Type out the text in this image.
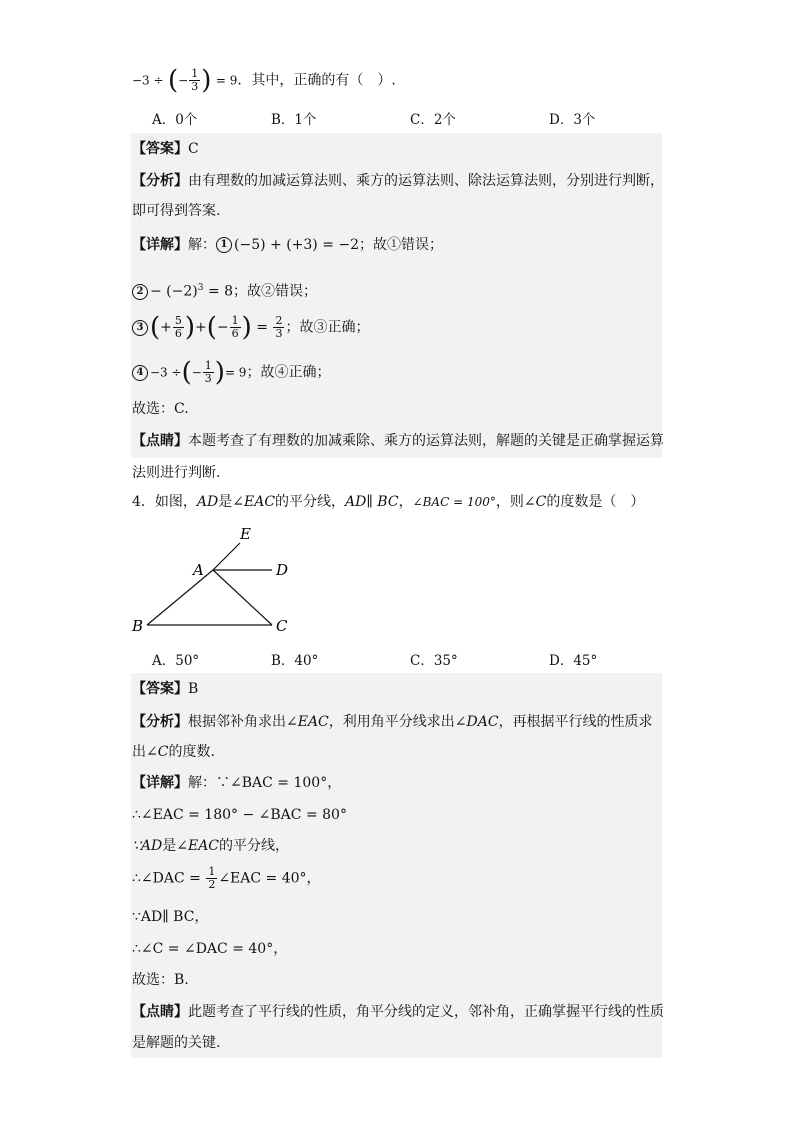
−3 ÷ (− $\frac{1}{3}$ ) = 9．其中，正确的有（　）.
A．0个	B．1个	C．2个	D．3个
【答案】C
【分析】由有理数的加减运算法则、乘方的运算法则、除法运算法则，分别进行判断，
即可得到答案.
【详解】解： 1 (−5) + (+3) = −2；故①错误；
$2 - (-2)^3 = 8$；故②错误；
3 (+ $\frac{5}{6}$ )+(− $\frac{1}{6}$ ) = $\frac{2}{3}$ ；故③正确；
4 −3 ÷(− $\frac{1}{3}$ )= 9；故④正确；
故选：C.
【点睛】本题考查了有理数的加减乘除、乘方的运算法则，解题的关键是正确掌握运算
法则进行判断.
4．如图，AD是∠EAC的平分线，AD∥ BC，∠BAC = 100°，则∠C的度数是（　）
E
A	D
B	C
A．50°	B．40°	C．35°	D．45°
【答案】B
【分析】根据邻补角求出∠EAC，利用角平分线求出∠DAC，再根据平行线的性质求
出∠C的度数.
【详解】解：∵∠BAC = 100°，
∴∠EAC = 180° − ∠BAC = 80°
∵AD是∠EAC的平分线，
∴∠DAC = $\frac{1}{2}$ ∠EAC = 40°，
∵AD∥ BC，
∴∠C = ∠DAC = 40°，
故选：B.
【点睛】此题考查了平行线的性质，角平分线的定义，邻补角，正确掌握平行线的性质
是解题的关键.
